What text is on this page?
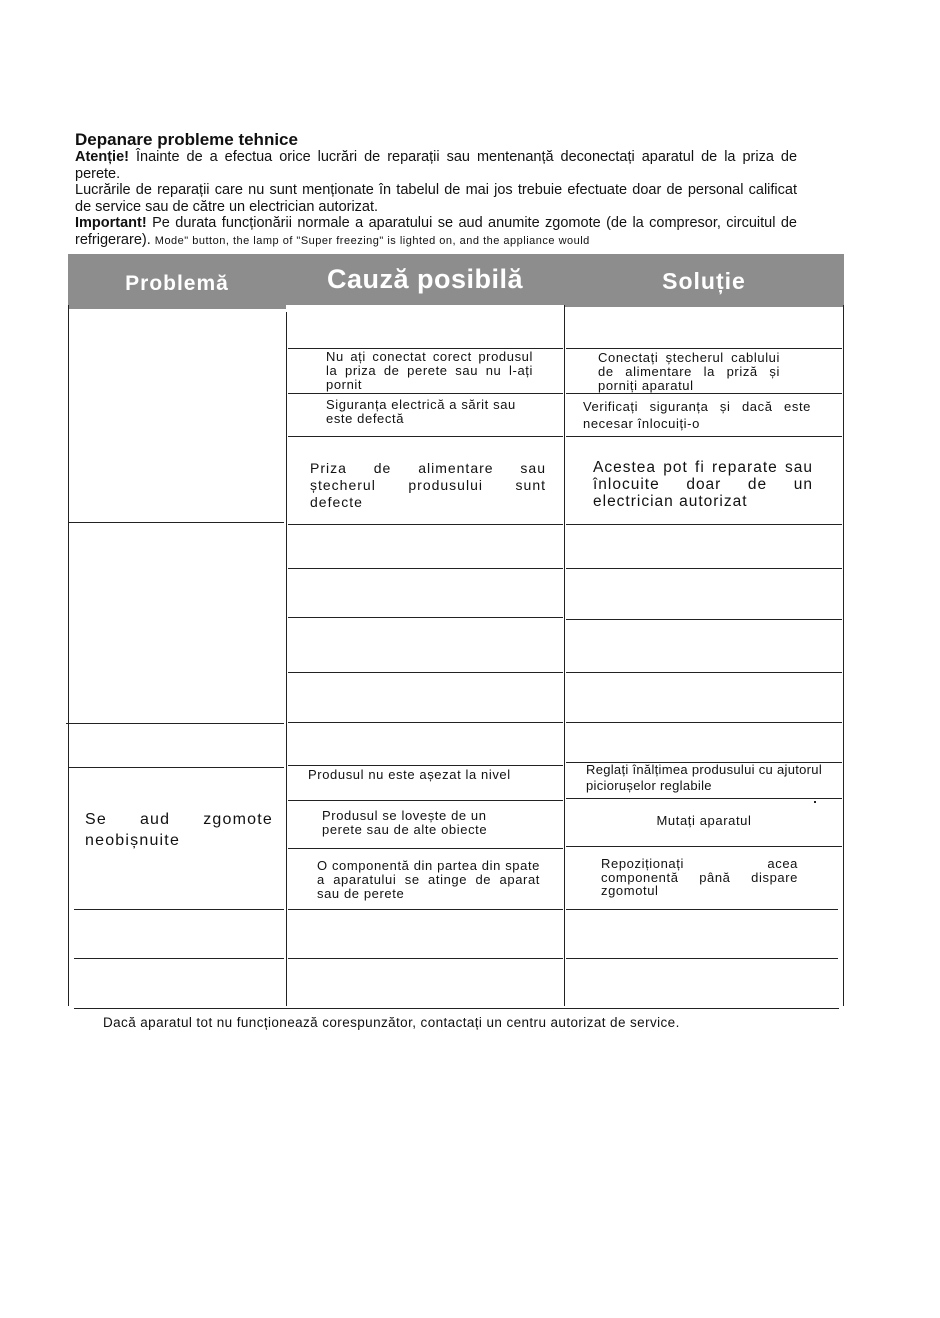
Depanare probleme tehnice

Atenție! Înainte de a efectua orice lucrări de reparații sau mentenanță deconectați aparatul de la priza de perete.

Lucrările de reparații care nu sunt menționate în tabelul de mai jos trebuie efectuate doar de personal calificat de service sau de către un electrician autorizat.

Important! Pe durata funcționării normale a aparatului se aud anumite zgomote (de la compresor, circuitul de refrigerare). Mode" button, the lamp of "Super freezing" is lighted on, and the appliance would

Problemă	Cauză posibilă	Soluție
Nu ați conectat corect produsul la priza de perete sau nu l-ați pornit
Siguranța electrică a sărit sau este defectă
Priza de alimentare sau ștecherul produsului sunt defecte
Produsul nu este așezat la nivel
Produsul se lovește de un perete sau de alte obiecte
O componentă din partea din spate a aparatului se atinge de aparat sau de perete
Conectați ștecherul cablului de alimentare la priză și porniți aparatul
Verificați siguranța și dacă este necesar înlocuiți-o
Acestea pot fi reparate sau înlocuite doar de un electrician autorizat
Reglați înălțimea produsului cu ajutorul piciorușelor reglabile
Mutați aparatul
Repoziționați acea componentă până dispare zgomotul
Se aud zgomote neobișnuite
Dacă aparatul tot nu funcționează corespunzător, contactați un centru autorizat de service.
